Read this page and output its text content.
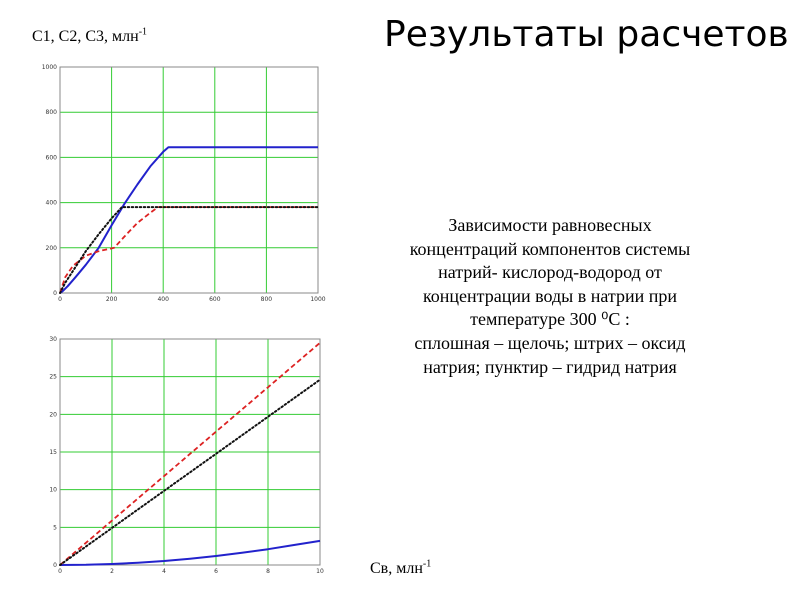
Результаты расчетов
С1, С2, С3, млн$^{-1}$
Св, млн$^{-1}$
Зависимости равновесных
концентраций компонентов системы
натрий- кислород-водород от
концентрации воды в натрии при
температуре 300 ⁰С :
сплошная – щелочь; штрих – оксид
натрия; пунктир – гидрид натрия
0	200	400	600	800	1000
0
200
400
600
800
1000
0	2	4	6	8	10
0
5
10
15
20
25
30
